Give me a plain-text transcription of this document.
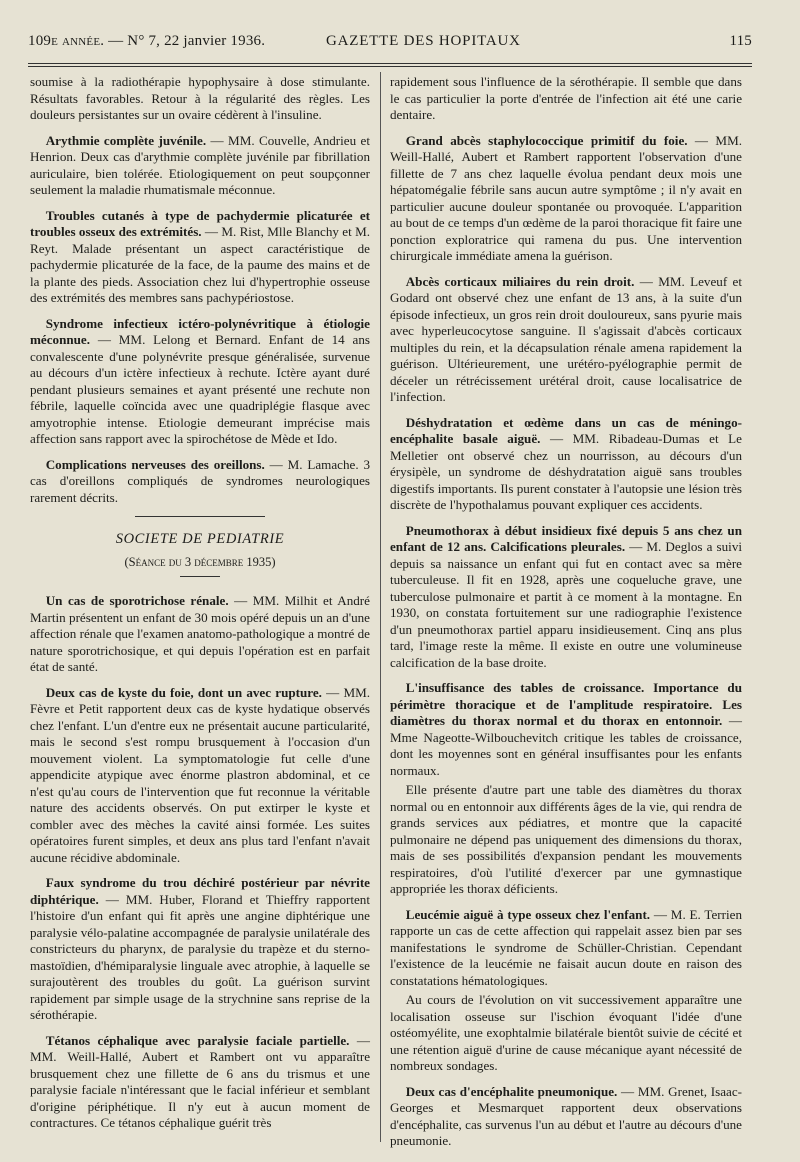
109e année. — N° 7, 22 janvier 1936.	GAZETTE DES HOPITAUX	115

soumise à la radiothérapie hypophysaire à dose stimulante. Résultats favorables. Retour à la régularité des règles. Les douleurs persistantes sur un ovaire cédèrent à l'insuline.

Arythmie complète juvénile. — MM. Couvelle, Andrieu et Henrion. Deux cas d'arythmie complète juvénile par fibrillation auriculaire, bien tolérée. Etiologiquement on peut soupçonner seulement la maladie rhumatismale méconnue.

Troubles cutanés à type de pachydermie plicaturée et troubles osseux des extrémités. — M. Rist, Mlle Blanchy et M. Reyt. Malade présentant un aspect caractéristique de pachydermie plicaturée de la face, de la paume des mains et de la plante des pieds. Association chez lui d'hypertrophie osseuse des extrémités des membres sans pachypériostose.

Syndrome infectieux ictéro-polynévritique à étiologie méconnue. — MM. Lelong et Bernard. Enfant de 14 ans convalescente d'une polynévrite presque généralisée, survenue au décours d'un ictère infectieux à rechute. Ictère ayant duré pendant plusieurs semaines et ayant présenté une rechute non fébrile, laquelle coïncida avec une quadriplégie flasque avec amyotrophie intense. Etiologie demeurant imprécise mais affection sans rapport avec la spirochétose de Mède et Ido.

Complications nerveuses des oreillons. — M. Lamache. 3 cas d'oreillons compliqués de syndromes neurologiques rarement décrits.

SOCIETE DE PEDIATRIE
(Séance du 3 décembre 1935)

Un cas de sporotrichose rénale. — MM. Milhit et André Martin présentent un enfant de 30 mois opéré depuis un an d'une affection rénale que l'examen anatomo-pathologique a montré de nature sporotrichosique, et qui depuis l'opération est en parfait état de santé.

Deux cas de kyste du foie, dont un avec rupture. — MM. Fèvre et Petit rapportent deux cas de kyste hydatique observés chez l'enfant. L'un d'entre eux ne présentait aucune particularité, mais le second s'est rompu brusquement à l'occasion d'un mouvement violent. La symptomatologie fut celle d'une appendicite atypique avec énorme plastron abdominal, et ce n'est qu'au cours de l'intervention que fut reconnue la véritable nature des accidents observés. On put extirper le kyste et combler avec des mèches la cavité ainsi formée. Les suites opératoires furent simples, et deux ans plus tard l'enfant n'avait aucune récidive abdominale.

Faux syndrome du trou déchiré postérieur par névrite diphtérique. — MM. Huber, Florand et Thieffry rapportent l'histoire d'un enfant qui fit après une angine diphtérique une paralysie vélo-palatine accompagnée de paralysie unilatérale des constricteurs du pharynx, de paralysie du trapèze et du sterno-mastoïdien, d'hémiparalysie linguale avec atrophie, à laquelle se surajoutèrent des troubles du goût. La guérison survint rapidement par simple usage de la strychnine sans reprise de la sérothérapie.

Tétanos céphalique avec paralysie faciale partielle. — MM. Weill-Hallé, Aubert et Rambert ont vu apparaître brusquement chez une fillette de 6 ans du trismus et une paralysie faciale n'intéressant que le facial inférieur et semblant d'origine périphétique. Il n'y eut à aucun moment de contractures. Ce tétanos céphalique guérit très

rapidement sous l'influence de la sérothérapie. Il semble que dans le cas particulier la porte d'entrée de l'infection ait été une carie dentaire.

Grand abcès staphylococcique primitif du foie. — MM. Weill-Hallé, Aubert et Rambert rapportent l'observation d'une fillette de 7 ans chez laquelle évolua pendant deux mois une hépatomégalie fébrile sans aucun autre symptôme ; il n'y avait en particulier aucune douleur spontanée ou provoquée. L'apparition au bout de ce temps d'un œdème de la paroi thoracique fit faire une ponction exploratrice qui ramena du pus. Une intervention chirurgicale immédiate amena la guérison.

Abcès corticaux miliaires du rein droit. — MM. Leveuf et Godard ont observé chez une enfant de 13 ans, à la suite d'un épisode infectieux, un gros rein droit douloureux, sans pyurie mais avec hyperleucocytose sanguine. Il s'agissait d'abcès corticaux multiples du rein, et la décapsulation rénale amena rapidement la guérison. Ultérieurement, une urétéro-pyélographie permit de déceler un rétrécissement urétéral droit, cause localisatrice de l'infection.

Déshydratation et œdème dans un cas de méningo-encéphalite basale aiguë. — MM. Ribadeau-Dumas et Le Melletier ont observé chez un nourrisson, au décours d'un érysipèle, un syndrome de déshydratation aiguë sans troubles digestifs importants. Ils purent constater à l'autopsie une lésion très discrète de l'hypothalamus pouvant expliquer ces accidents.

Pneumothorax à début insidieux fixé depuis 5 ans chez un enfant de 12 ans. Calcifications pleurales. — M. Deglos a suivi depuis sa naissance un enfant qui fut en contact avec sa mère tuberculeuse. Il fit en 1928, après une coqueluche grave, une tuberculose pulmonaire et partit à ce moment à la montagne. En 1930, on constata fortuitement sur une radiographie l'existence d'un pneumothorax partiel apparu insidieusement. Cinq ans plus tard, l'image reste la même. Il existe en outre une volumineuse calcification de la base droite.

L'insuffisance des tables de croissance. Importance du périmètre thoracique et de l'amplitude respiratoire. Les diamètres du thorax normal et du thorax en entonnoir. — Mme Nageotte-Wilbouchevitch critique les tables de croissance, dont les moyennes sont en général insuffisantes pour les enfants normaux.

Elle présente d'autre part une table des diamètres du thorax normal ou en entonnoir aux différents âges de la vie, qui rendra de grands services aux pédiatres, et montre que la capacité pulmonaire ne dépend pas uniquement des dimensions du thorax, mais de ses possibilités d'expansion pendant les mouvements respiratoires, d'où l'utilité d'exercer par une gymnastique appropriée les thorax déficients.

Leucémie aiguë à type osseux chez l'enfant. — M. E. Terrien rapporte un cas de cette affection qui rappelait assez bien par ses manifestations le syndrome de Schüller-Christian. Cependant l'existence de la leucémie ne faisait aucun doute en raison des constatations hématologiques.

Au cours de l'évolution on vit successivement apparaître une localisation osseuse sur l'ischion évoquant l'idée d'une ostéomyélite, une exophtalmie bilatérale bientôt suivie de cécité et une rétention aiguë d'urine de cause mécanique ayant nécessité de nombreux sondages.

Deux cas d'encéphalite pneumonique. — MM. Grenet, Isaac-Georges et Mesmarquet rapportent deux observations d'encéphalite, cas survenus l'un au début et l'autre au décours d'une pneumonie.
